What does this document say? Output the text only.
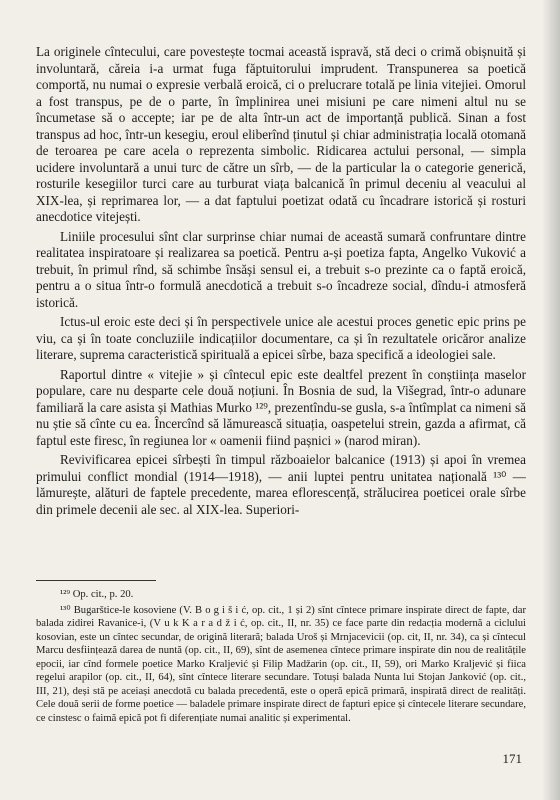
La originele cîntecului, care povestește tocmai această ispravă, stă deci o crimă obișnuită și involuntară, căreia i-a urmat fuga făptuitorului imprudent. Transpunerea sa poetică comportă, nu numai o expresie verbală eroică, ci o prelucrare totală pe linia vitejiei. Omorul a fost transpus, pe de o parte, în împlinirea unei misiuni pe care nimeni altul nu se încumetase să o accepte; iar pe de alta într-un act de importanță publică. Sinan a fost transpus ad hoc, într-un kesegiu, eroul eliberînd ținutul și chiar administrația locală otomană de teroarea pe care acela o reprezenta simbolic. Ridicarea actului personal, — simpla ucidere involuntară a unui turc de către un sîrb, — de la particular la o categorie generică, rosturile kesegiilor turci care au turburat viața balcanică în primul deceniu al veacului al XIX-lea, și reprimarea lor, — a dat faptului poetizat odată cu încadrare istorică și rosturi anecdotice vitejești.

Liniile procesului sînt clar surprinse chiar numai de această sumară confruntare dintre realitatea inspiratoare și realizarea sa poetică. Pentru a-și poetiza fapta, Angelko Vuković a trebuit, în primul rînd, să schimbe însăși sensul ei, a trebuit s-o prezinte ca o faptă eroică, pentru a o situa într-o formulă anecdotică a trebuit s-o încadreze social, dîndu-i atmosferă istorică.

Ictus-ul eroic este deci și în perspectivele unice ale acestui proces genetic epic prins pe viu, ca și în toate concluziile indicațiilor documentare, ca și în rezultatele oricăror analize literare, suprema caracteristică spirituală a epicei sîrbe, baza specifică a ideologiei sale.

Raportul dintre « vitejie » și cîntecul epic este dealtfel prezent în conștiința maselor populare, care nu desparte cele două noțiuni. În Bosnia de sud, la Višegrad, într-o adunare familiară la care asista și Mathias Murko ¹²⁹, prezentîndu-se gusla, s-a întîmplat ca nimeni să nu știe să cînte cu ea. Încercînd să lămurească situația, oaspetelui strein, gazda a afirmat, că faptul este firesc, în regiunea lor « oamenii fiind pașnici » (narod miran).

Revivificarea epicei sîrbești în timpul războaielor balcanice (1913) și apoi în vremea primului conflict mondial (1914—1918), — anii luptei pentru unitatea națională ¹³⁰ — lămurește, alături de faptele precedente, marea eflorescență, strălucirea poeticei orale sîrbe din primele decenii ale sec. al XIX-lea. Superiori-

¹²⁹ Op. cit., p. 20.

¹³⁰ Bugarštice-le kosoviene (V. B o g i š i ć, op. cit., 1 și 2) sînt cîntece primare inspirate direct de fapte, dar balada zidirei Ravanice-i, (V u k K a r a d ž i ć, op. cit., II, nr. 35) ce face parte din redacția modernă a ciclului kosovian, este un cîntec secundar, de origină literară; balada Uroš și Mrnjacevicii (op. cit, II, nr. 34), ca și cîntecul Marcu desființează darea de nuntă (op. cit., II, 69), sînt de asemenea cîntece primare inspirate din nou de realitățile epocii, iar cînd formele poetice Marko Kraljević și Filip Madžarin (op. cit., II, 59), ori Marko Kraljević și fiica regelui arapilor (op. cit., II, 64), sînt cîntece literare secundare. Totuși balada Nunta lui Stojan Janković (op. cit., III, 21), deși stă pe aceiași anecdotă cu balada precedentă, este o operă epică primară, inspirată direct de realități. Cele două serii de forme poetice — baladele primare inspirate direct de fapturi epice și cîntecele literare secundare, ce cinstesc o faimă epică pot fi diferențiate numai analitic și experimental.

171
